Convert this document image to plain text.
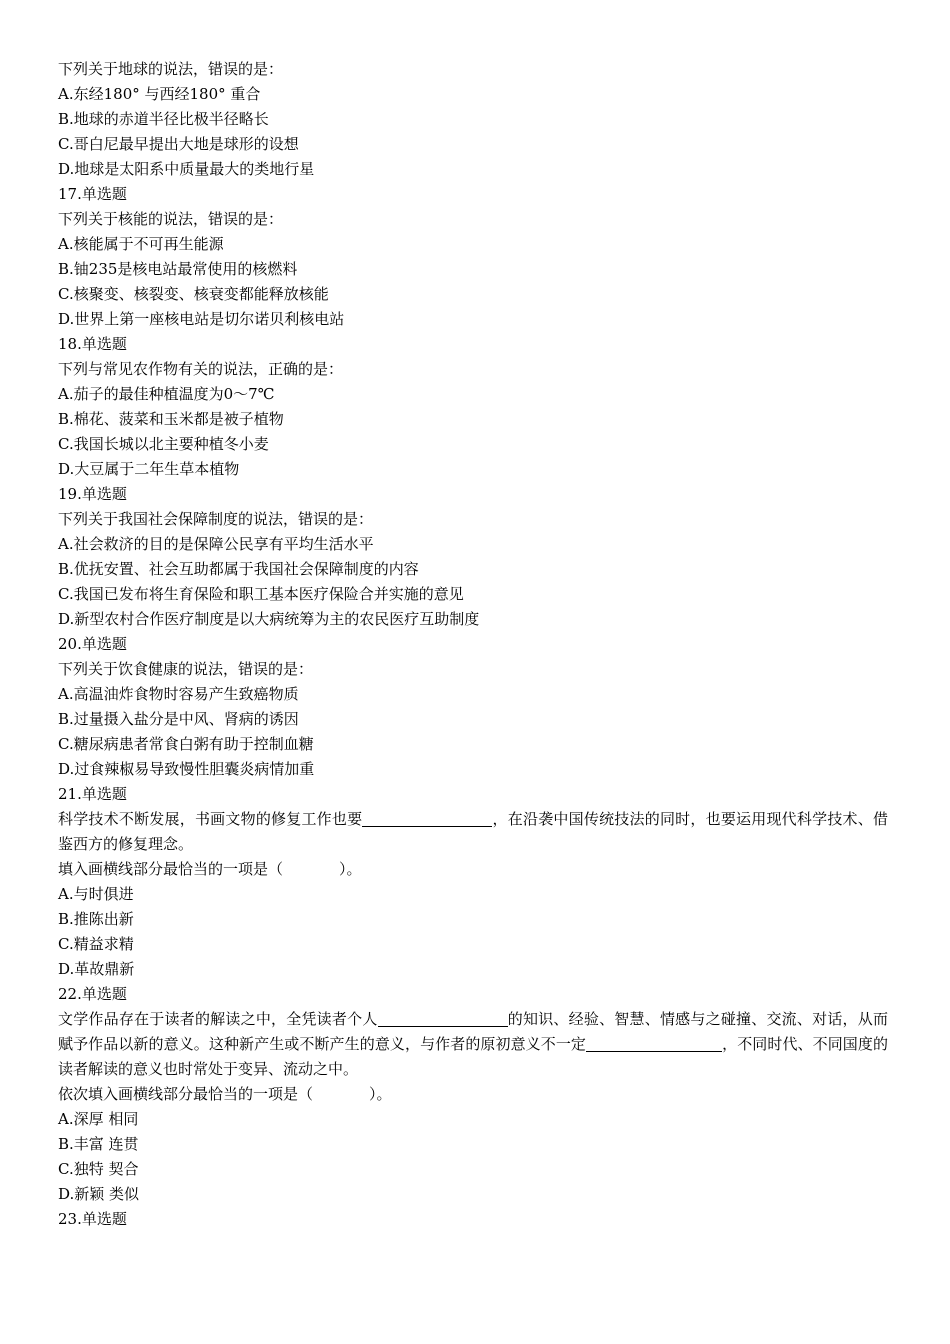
下列关于地球的说法，错误的是：
A.东经180° 与西经180° 重合
B.地球的赤道半径比极半径略长
C.哥白尼最早提出大地是球形的设想
D.地球是太阳系中质量最大的类地行星
17.单选题
下列关于核能的说法，错误的是：
A.核能属于不可再生能源
B.铀235是核电站最常使用的核燃料
C.核聚变、核裂变、核衰变都能释放核能
D.世界上第一座核电站是切尔诺贝利核电站
18.单选题
下列与常见农作物有关的说法，正确的是：
A.茄子的最佳种植温度为0～7℃
B.棉花、菠菜和玉米都是被子植物
C.我国长城以北主要种植冬小麦
D.大豆属于二年生草本植物
19.单选题
下列关于我国社会保障制度的说法，错误的是：
A.社会救济的目的是保障公民享有平均生活水平
B.优抚安置、社会互助都属于我国社会保障制度的内容
C.我国已发布将生育保险和职工基本医疗保险合并实施的意见
D.新型农村合作医疗制度是以大病统筹为主的农民医疗互助制度
20.单选题
下列关于饮食健康的说法，错误的是：
A.高温油炸食物时容易产生致癌物质
B.过量摄入盐分是中风、肾病的诱因
C.糖尿病患者常食白粥有助于控制血糖
D.过食辣椒易导致慢性胆囊炎病情加重
21.单选题
科学技术不断发展，书画文物的修复工作也要	，在沿袭中国传统技法的同时，也要运用现代科学技术、借鉴西方的修复理念。
填入画横线部分最恰当的一项是（	）。
A.与时俱进
B.推陈出新
C.精益求精
D.革故鼎新
22.单选题
文学作品存在于读者的解读之中，全凭读者个人	的知识、经验、智慧、情感与之碰撞、交流、对话，从而赋予作品以新的意义。这种新产生或不断产生的意义，与作者的原初意义不一定	，不同时代、不同国度的读者解读的意义也时常处于变异、流动之中。
依次填入画横线部分最恰当的一项是（	）。
A.深厚 相同
B.丰富 连贯
C.独特 契合
D.新颖 类似
23.单选题
